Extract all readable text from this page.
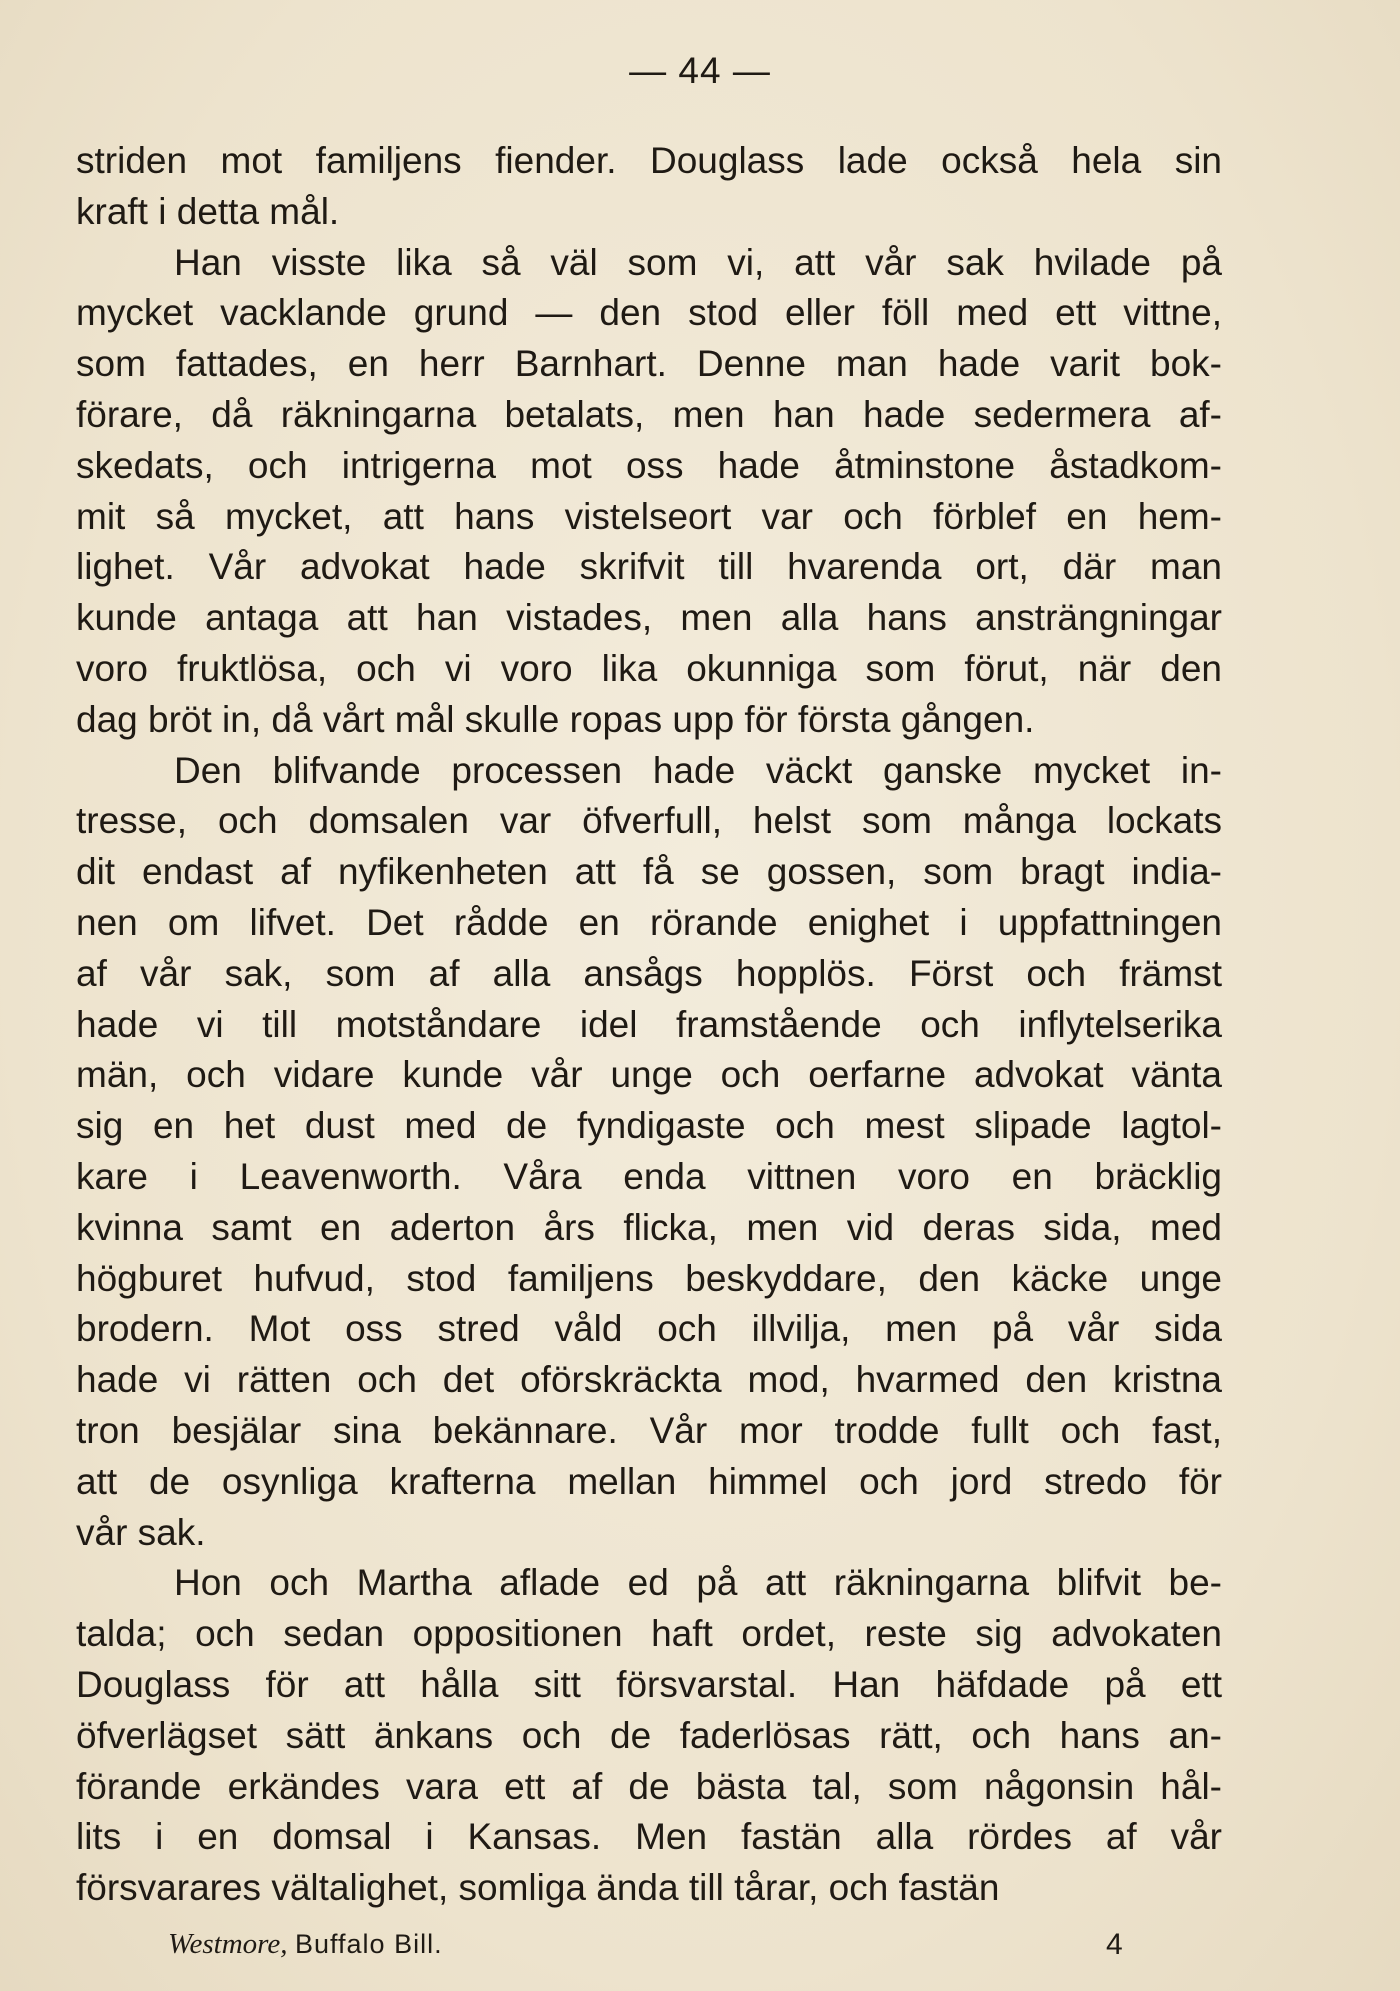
— 44 —
striden mot familjens fiender. Douglass lade också hela sin
kraft i detta mål.
Han visste lika så väl som vi, att vår sak hvilade på
mycket vacklande grund — den stod eller föll med ett vittne,
som fattades, en herr Barnhart. Denne man hade varit bok-
förare, då räkningarna betalats, men han hade sedermera af-
skedats, och intrigerna mot oss hade åtminstone åstadkom-
mit så mycket, att hans vistelseort var och förblef en hem-
lighet. Vår advokat hade skrifvit till hvarenda ort, där man
kunde antaga att han vistades, men alla hans ansträngningar
voro fruktlösa, och vi voro lika okunniga som förut, när den
dag bröt in, då vårt mål skulle ropas upp för första gången.
Den blifvande processen hade väckt ganske mycket in-
tresse, och domsalen var öfverfull, helst som många lockats
dit endast af nyfikenheten att få se gossen, som bragt india-
nen om lifvet. Det rådde en rörande enighet i uppfattningen
af vår sak, som af alla ansågs hopplös. Först och främst
hade vi till motståndare idel framstående och inflytelserika
män, och vidare kunde vår unge och oerfarne advokat vänta
sig en het dust med de fyndigaste och mest slipade lagtol-
kare i Leavenworth. Våra enda vittnen voro en bräcklig
kvinna samt en aderton års flicka, men vid deras sida, med
högburet hufvud, stod familjens beskyddare, den käcke unge
brodern. Mot oss stred våld och illvilja, men på vår sida
hade vi rätten och det oförskräckta mod, hvarmed den kristna
tron besjälar sina bekännare. Vår mor trodde fullt och fast,
att de osynliga krafterna mellan himmel och jord stredo för
vår sak.
Hon och Martha aflade ed på att räkningarna blifvit be-
talda; och sedan oppositionen haft ordet, reste sig advokaten
Douglass för att hålla sitt försvarstal. Han häfdade på ett
öfverlägset sätt änkans och de faderlösas rätt, och hans an-
förande erkändes vara ett af de bästa tal, som någonsin hål-
lits i en domsal i Kansas. Men fastän alla rördes af vår
försvarares vältalighet, somliga ända till tårar, och fastän
Westmore, Buffalo Bill.	4
